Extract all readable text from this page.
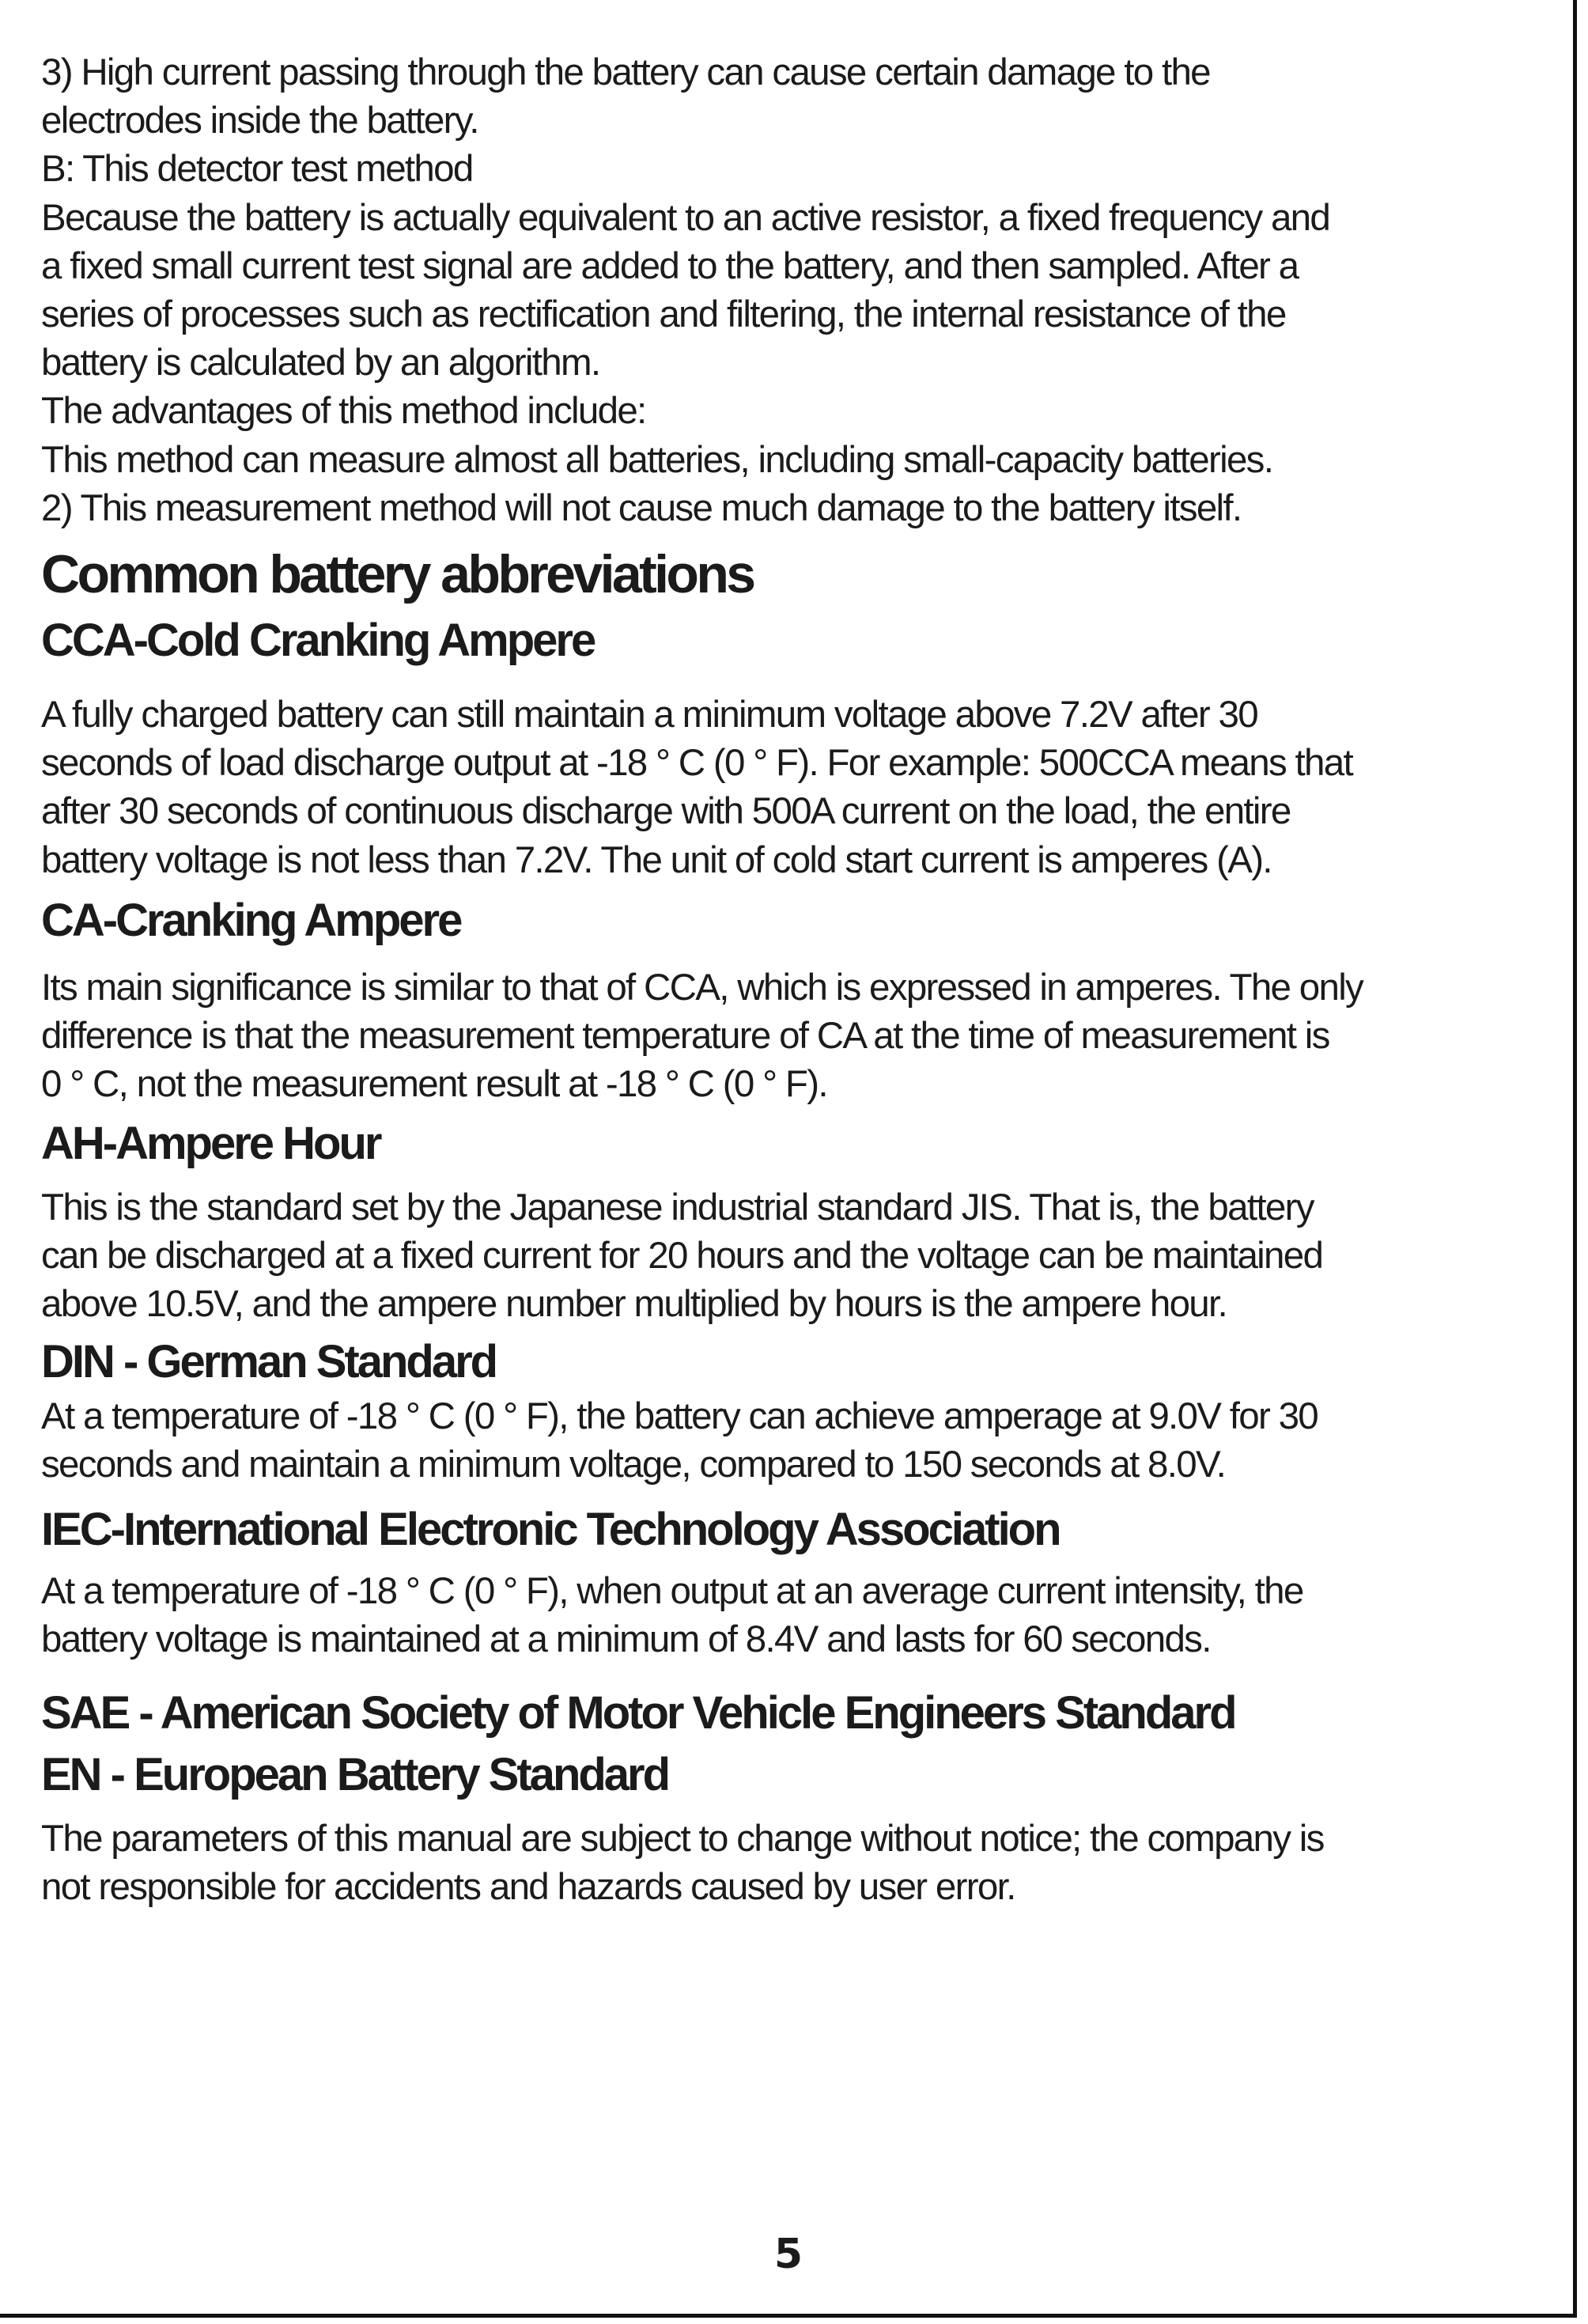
3) High current passing through the battery can cause certain damage to the

electrodes inside the battery.

B: This detector test method

Because the battery is actually equivalent to an active resistor, a fixed frequency and

a fixed small current test signal are added to the battery, and then sampled. After a

series of processes such as rectification and filtering, the internal resistance of the

battery is calculated by an algorithm.

The advantages of this method include:

This method can measure almost all batteries, including small-capacity batteries.

2) This measurement method will not cause much damage to the battery itself.

Common battery abbreviations
CCA-Cold Cranking Ampere

A fully charged battery can still maintain a minimum voltage above 7.2V after 30

seconds of load discharge output at -18 ° C (0 ° F). For example: 500CCA means that

after 30 seconds of continuous discharge with 500A current on the load, the entire

battery voltage is not less than 7.2V. The unit of cold start current is amperes (A).

CA-Cranking Ampere

Its main significance is similar to that of CCA, which is expressed in amperes. The only

difference is that the measurement temperature of CA at the time of measurement is

0 ° C, not the measurement result at -18 ° C (0 ° F).

AH-Ampere Hour

This is the standard set by the Japanese industrial standard JIS. That is, the battery

can be discharged at a fixed current for 20 hours and the voltage can be maintained

above 10.5V, and the ampere number multiplied by hours is the ampere hour.

DIN - German Standard

At a temperature of -18 ° C (0 ° F), the battery can achieve amperage at 9.0V for 30

seconds and maintain a minimum voltage, compared to 150 seconds at 8.0V.

IEC-International Electronic Technology Association

At a temperature of -18 ° C (0 ° F), when output at an average current intensity, the

battery voltage is maintained at a minimum of 8.4V and lasts for 60 seconds.

SAE - American Society of Motor Vehicle Engineers Standard
EN - European Battery Standard

The parameters of this manual are subject to change without notice; the company is

not responsible for accidents and hazards caused by user error.

5
